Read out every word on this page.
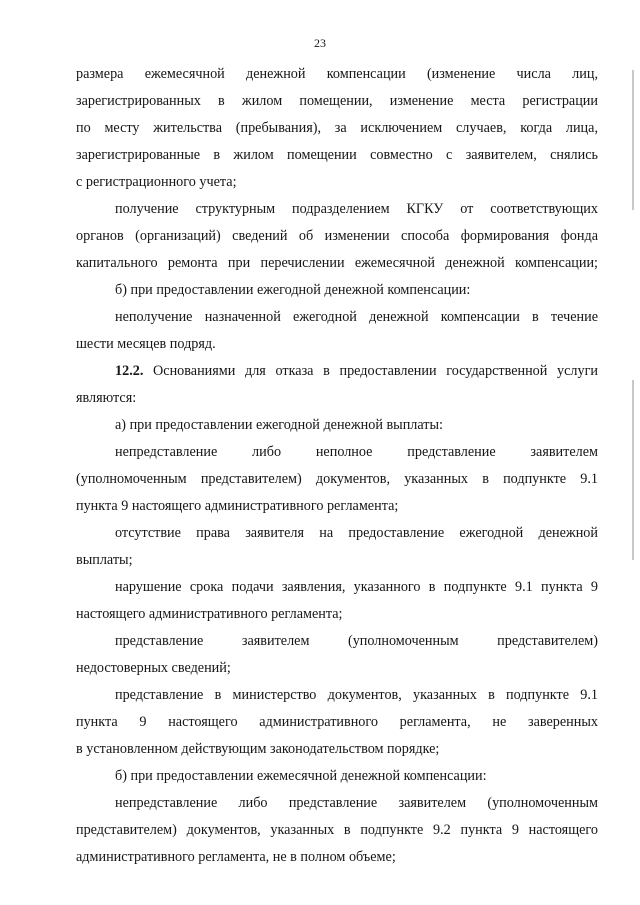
23
размера ежемесячной денежной компенсации (изменение числа лиц,
зарегистрированных в жилом помещении, изменение места регистрации
по месту жительства (пребывания), за исключением случаев, когда лица,
зарегистрированные в жилом помещении совместно с заявителем, снялись
с регистрационного учета;
получение структурным подразделением КГКУ от соответствующих
органов (организаций) сведений об изменении способа формирования фонда
капитального ремонта при перечислении ежемесячной денежной компенсации;
б) при предоставлении ежегодной денежной компенсации:
неполучение назначенной ежегодной денежной компенсации в течение
шести месяцев подряд.
12.2. Основаниями для отказа в предоставлении государственной услуги
являются:
а) при предоставлении ежегодной денежной выплаты:
непредставление либо неполное представление заявителем
(уполномоченным представителем) документов, указанных в подпункте 9.1
пункта 9 настоящего административного регламента;
отсутствие права заявителя на предоставление ежегодной денежной
выплаты;
нарушение срока подачи заявления, указанного в подпункте 9.1 пункта 9
настоящего административного регламента;
представление заявителем (уполномоченным представителем)
недостоверных сведений;
представление в министерство документов, указанных в подпункте 9.1
пункта 9 настоящего административного регламента, не заверенных
в установленном действующим законодательством порядке;
б) при предоставлении ежемесячной денежной компенсации:
непредставление либо представление заявителем (уполномоченным
представителем) документов, указанных в подпункте 9.2 пункта 9 настоящего
административного регламента, не в полном объеме;
